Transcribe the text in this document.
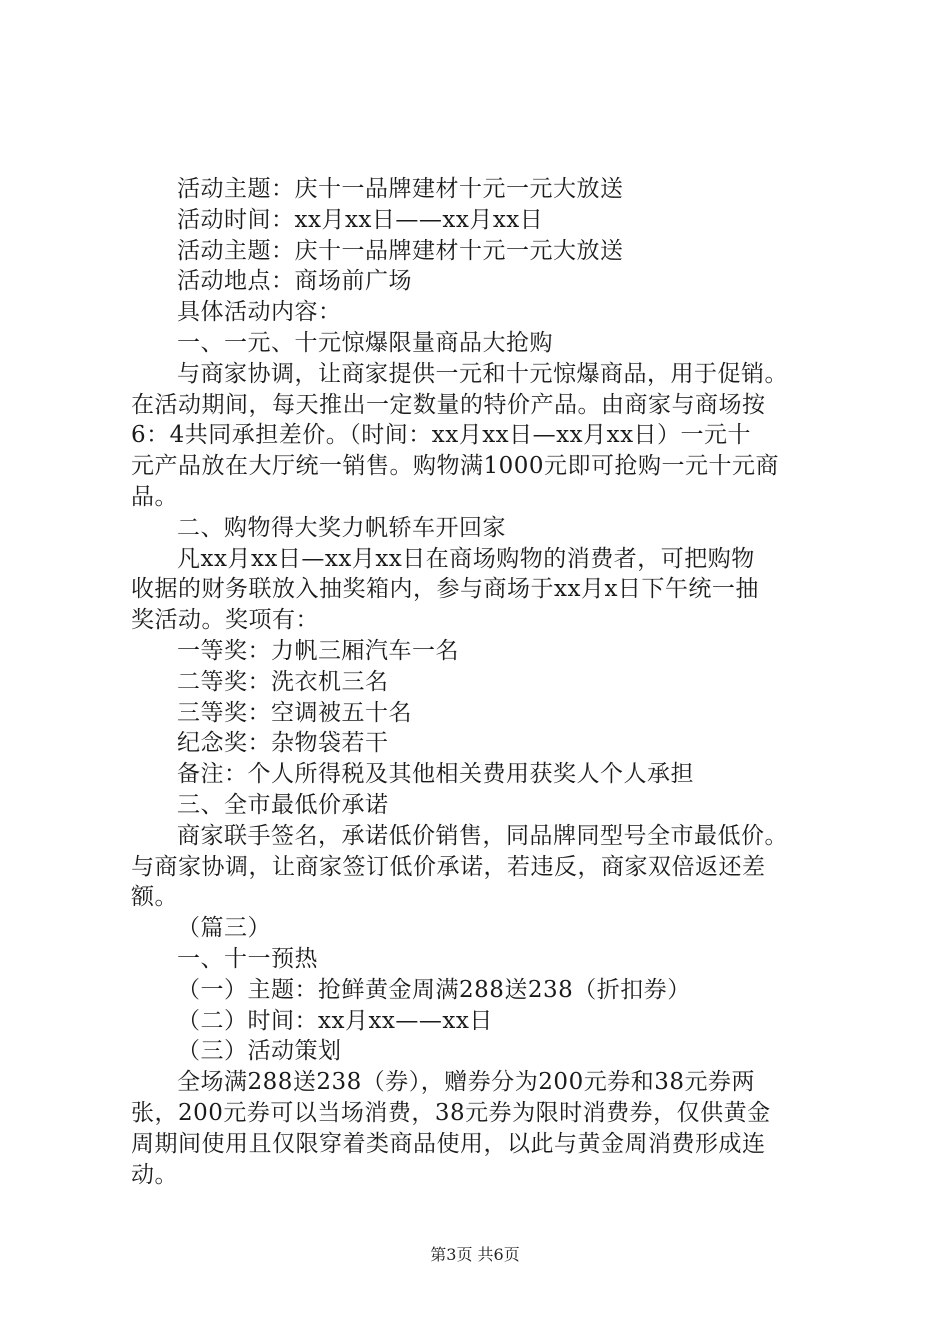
活动主题：庆十一品牌建材十元一元大放送
活动时间：xx月xx日——xx月xx日
活动主题：庆十一品牌建材十元一元大放送
活动地点：商场前广场
具体活动内容：
一、一元、十元惊爆限量商品大抢购
与商家协调，让商家提供一元和十元惊爆商品，用于促销。
在活动期间，每天推出一定数量的特价产品。由商家与商场按
6：4共同承担差价。（时间：xx月xx日—xx月xx日）一元十
元产品放在大厅统一销售。购物满1000元即可抢购一元十元商
品。
二、购物得大奖力帆轿车开回家
凡xx月xx日—xx月xx日在商场购物的消费者，可把购物
收据的财务联放入抽奖箱内，参与商场于xx月x日下午统一抽
奖活动。奖项有：
一等奖：力帆三厢汽车一名
二等奖：洗衣机三名
三等奖：空调被五十名
纪念奖：杂物袋若干
备注：个人所得税及其他相关费用获奖人个人承担
三、全市最低价承诺
商家联手签名，承诺低价销售，同品牌同型号全市最低价。
与商家协调，让商家签订低价承诺，若违反，商家双倍返还差
额。
（篇三）
一、十一预热
（一）主题：抢鲜黄金周满288送238（折扣券）
（二）时间：xx月xx——xx日
（三）活动策划
全场满288送238（券），赠券分为200元券和38元券两
张，200元券可以当场消费，38元券为限时消费券，仅供黄金
周期间使用且仅限穿着类商品使用，以此与黄金周消费形成连
动。
第3页 共6页
